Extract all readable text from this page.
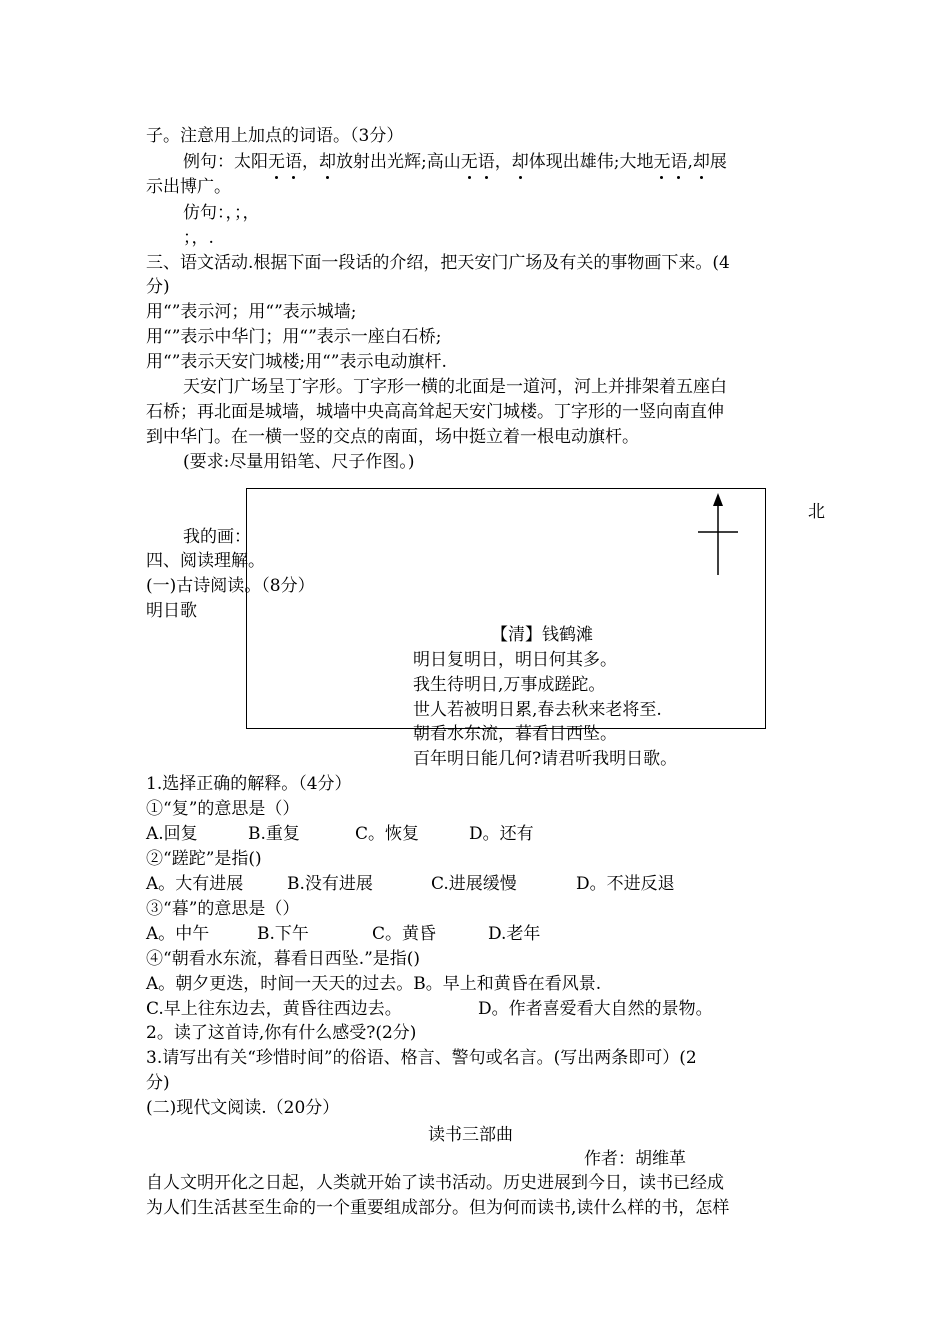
子。注意用上加点的词语。（3分）
例句：太阳无语，却放射出光辉;高山无语，却体现出雄伟;大地无语,却展
示出博广。
仿句：，；，
；，.
三、语文活动.根据下面一段话的介绍，把天安门广场及有关的事物画下来。(4
分)
用“”表示河；用“”表示城墙;
用“”表示中华门；用“”表示一座白石桥;
用“”表示天安门城楼;用“”表示电动旗杆.
天安门广场呈丁字形。丁字形一横的北面是一道河，河上并排架着五座白
石桥；再北面是城墙，城墙中央高高耸起天安门城楼。丁字形的一竖向南直伸
到中华门。在一横一竖的交点的南面，场中挺立着一根电动旗杆。
(要求:尽量用铅笔、尺子作图。)
北
我的画：
四、阅读理解。
(一)古诗阅读。（8分）
明日歌
【清】钱鹤滩
明日复明日，明日何其多。
我生待明日,万事成蹉跎。
世人若被明日累,春去秋来老将至.
朝看水东流，暮看日西坠。
百年明日能几何?请君听我明日歌。
1.选择正确的解释。（4分）
①“复”的意思是（）
A.回复	B.重复	C。恢复	D。还有
②“蹉跎”是指()
A。大有进展	B.没有进展	C.进展缓慢	D。不进反退
③“暮”的意思是（）
A。中午	B.下午	C。黄昏	D.老年
④“朝看水东流，暮看日西坠.”是指()
A。朝夕更迭，时间一天天的过去。B。早上和黄昏在看风景.
C.早上往东边去，黄昏往西边去。	D。作者喜爱看大自然的景物。
2。读了这首诗,你有什么感受?(2分)
3.请写出有关“珍惜时间”的俗语、格言、警句或名言。(写出两条即可）(2
分)
(二)现代文阅读.（20分）
读书三部曲
作者：胡维革
自人文明开化之日起，人类就开始了读书活动。历史进展到今日，读书已经成
为人们生活甚至生命的一个重要组成部分。但为何而读书,读什么样的书，怎样
